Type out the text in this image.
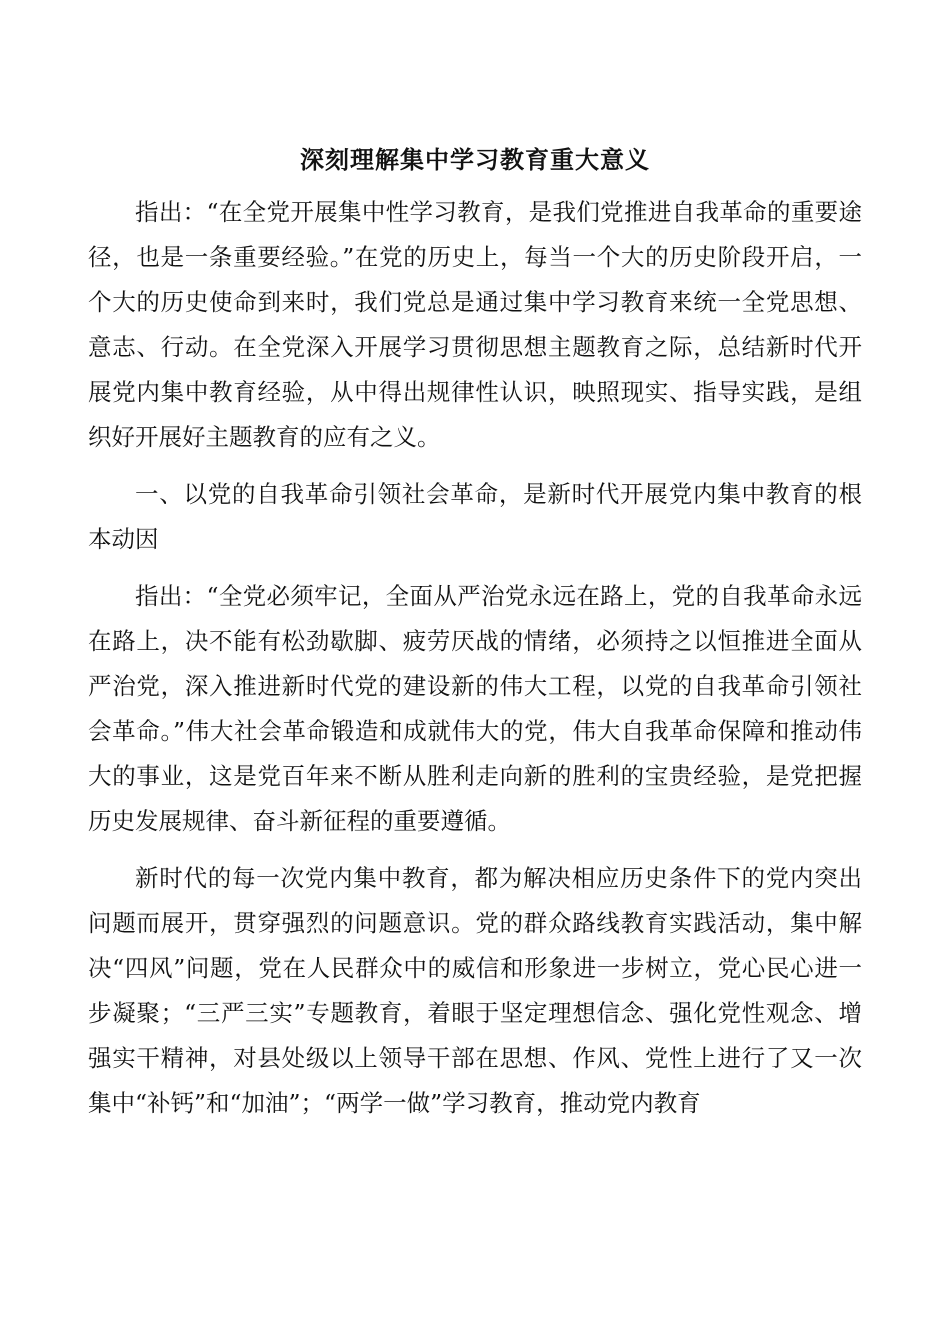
深刻理解集中学习教育重大意义

指出：“在全党开展集中性学习教育，是我们党推进自我革命的重要途径，也是一条重要经验。”在党的历史上，每当一个大的历史阶段开启，一个大的历史使命到来时，我们党总是通过集中学习教育来统一全党思想、意志、行动。在全党深入开展学习贯彻思想主题教育之际，总结新时代开展党内集中教育经验，从中得出规律性认识，映照现实、指导实践，是组织好开展好主题教育的应有之义。

一、以党的自我革命引领社会革命，是新时代开展党内集中教育的根本动因

指出：“全党必须牢记，全面从严治党永远在路上，党的自我革命永远在路上，决不能有松劲歇脚、疲劳厌战的情绪，必须持之以恒推进全面从严治党，深入推进新时代党的建设新的伟大工程，以党的自我革命引领社会革命。”伟大社会革命锻造和成就伟大的党，伟大自我革命保障和推动伟大的事业，这是党百年来不断从胜利走向新的胜利的宝贵经验，是党把握历史发展规律、奋斗新征程的重要遵循。

新时代的每一次党内集中教育，都为解决相应历史条件下的党内突出问题而展开，贯穿强烈的问题意识。党的群众路线教育实践活动，集中解决“四风”问题，党在人民群众中的威信和形象进一步树立，党心民心进一步凝聚；“三严三实”专题教育，着眼于坚定理想信念、强化党性观念、增强实干精神，对县处级以上领导干部在思想、作风、党性上进行了又一次集中“补钙”和“加油”；“两学一做”学习教育，推动党内教育
